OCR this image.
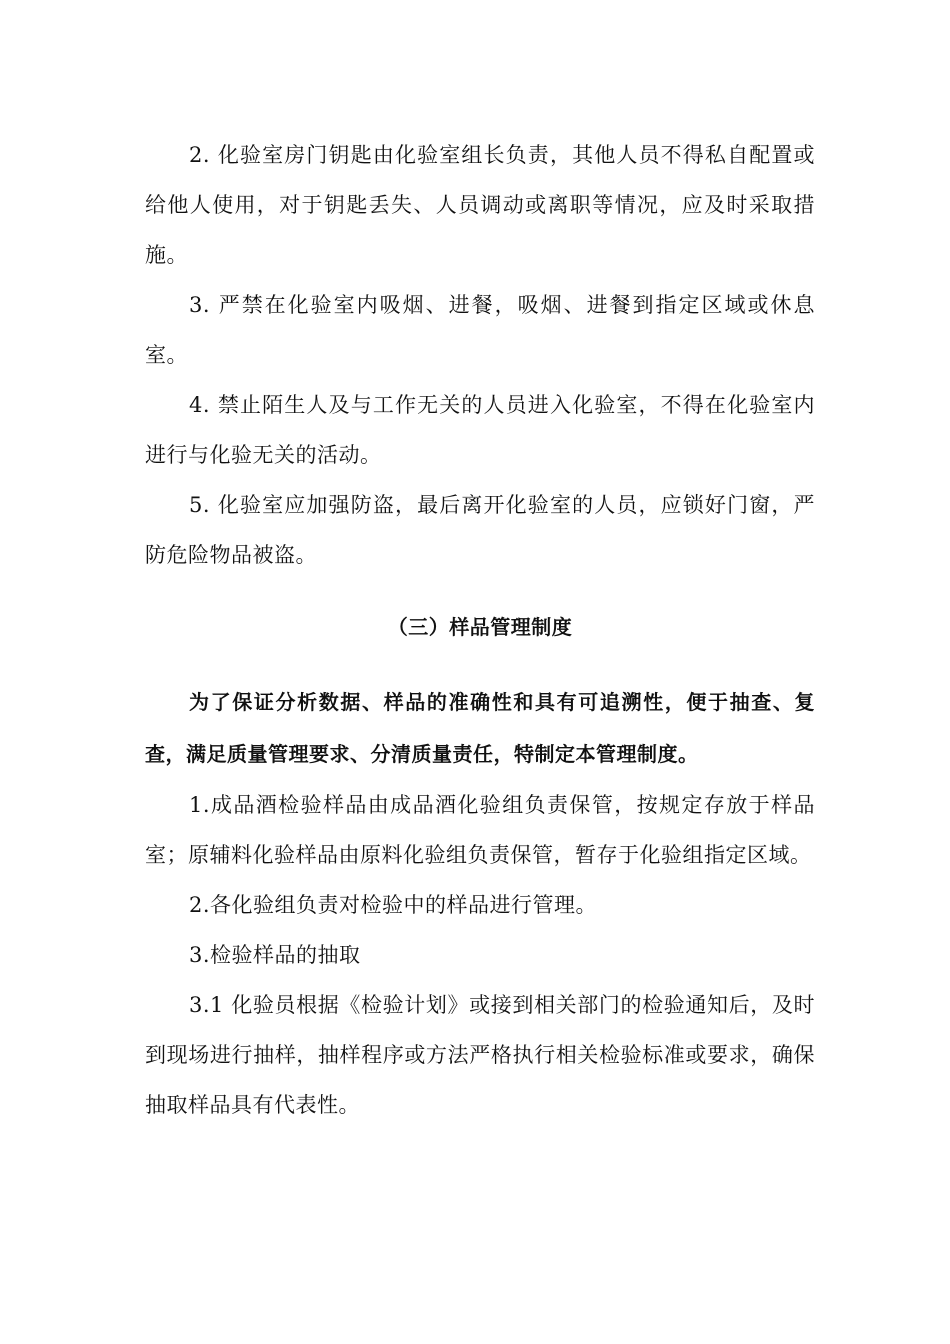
2. 化验室房门钥匙由化验室组长负责，其他人员不得私自配置或给他人使用，对于钥匙丢失、人员调动或离职等情况，应及时采取措施。

3. 严禁在化验室内吸烟、进餐，吸烟、进餐到指定区域或休息室。

4. 禁止陌生人及与工作无关的人员进入化验室，不得在化验室内进行与化验无关的活动。

5. 化验室应加强防盗，最后离开化验室的人员，应锁好门窗，严防危险物品被盗。

（三）样品管理制度

为了保证分析数据、样品的准确性和具有可追溯性，便于抽查、复查，满足质量管理要求、分清质量责任，特制定本管理制度。

1.成品酒检验样品由成品酒化验组负责保管，按规定存放于样品室；原辅料化验样品由原料化验组负责保管，暂存于化验组指定区域。

2.各化验组负责对检验中的样品进行管理。

3.检验样品的抽取

3.1 化验员根据《检验计划》或接到相关部门的检验通知后，及时到现场进行抽样，抽样程序或方法严格执行相关检验标准或要求，确保抽取样品具有代表性。
